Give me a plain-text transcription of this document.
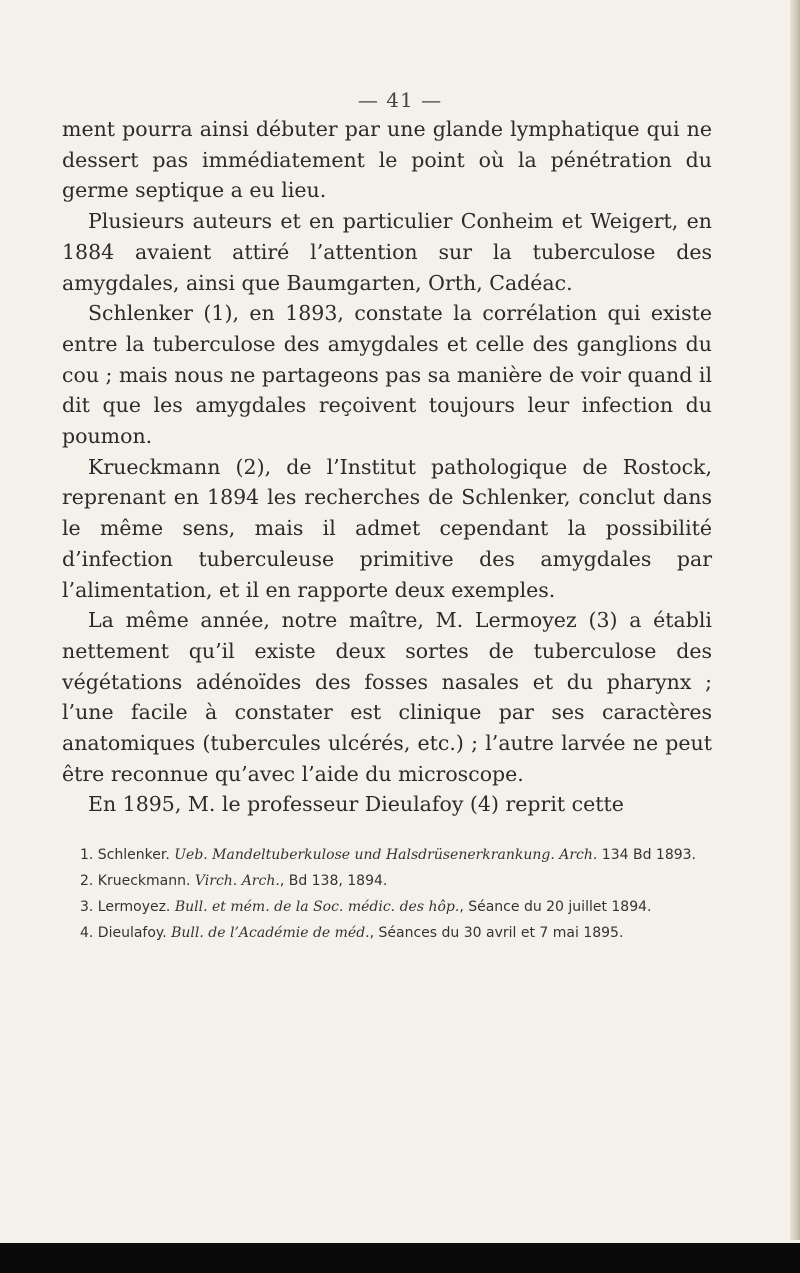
— 41 —

ment pourra ainsi débuter par une glande lymphatique qui ne dessert pas immédiatement le point où la pénétration du germe septique a eu lieu.

Plusieurs auteurs et en particulier Conheim et Weigert, en 1884 avaient attiré l’attention sur la tuberculose des amygdales, ainsi que Baumgarten, Orth, Cadéac.

Schlenker (1), en 1893, constate la corrélation qui existe entre la tuberculose des amygdales et celle des ganglions du cou ; mais nous ne partageons pas sa manière de voir quand il dit que les amygdales reçoivent toujours leur infection du poumon.

Krueckmann (2), de l’Institut pathologique de Rostock, reprenant en 1894 les recherches de Schlenker, conclut dans le même sens, mais il admet cependant la possibilité d’infection tuberculeuse primitive des amygdales par l’alimentation, et il en rapporte deux exemples.

La même année, notre maître, M. Lermoyez (3) a établi nettement qu’il existe deux sortes de tuberculose des végétations adénoïdes des fosses nasales et du pharynx ; l’une facile à constater est clinique par ses caractères anatomiques (tubercules ulcérés, etc.) ; l’autre larvée ne peut être reconnue qu’avec l’aide du microscope.

En 1895, M. le professeur Dieulafoy (4) reprit cette

1. Schlenker. Ueb. Mandeltuberkulose und Halsdrüsenerkrankung. Arch. 134 Bd 1893.

2. Krueckmann. Virch. Arch., Bd 138, 1894.

3. Lermoyez. Bull. et mém. de la Soc. médic. des hôp., Séance du 20 juillet 1894.

4. Dieulafoy. Bull. de l’Académie de méd., Séances du 30 avril et 7 mai 1895.
